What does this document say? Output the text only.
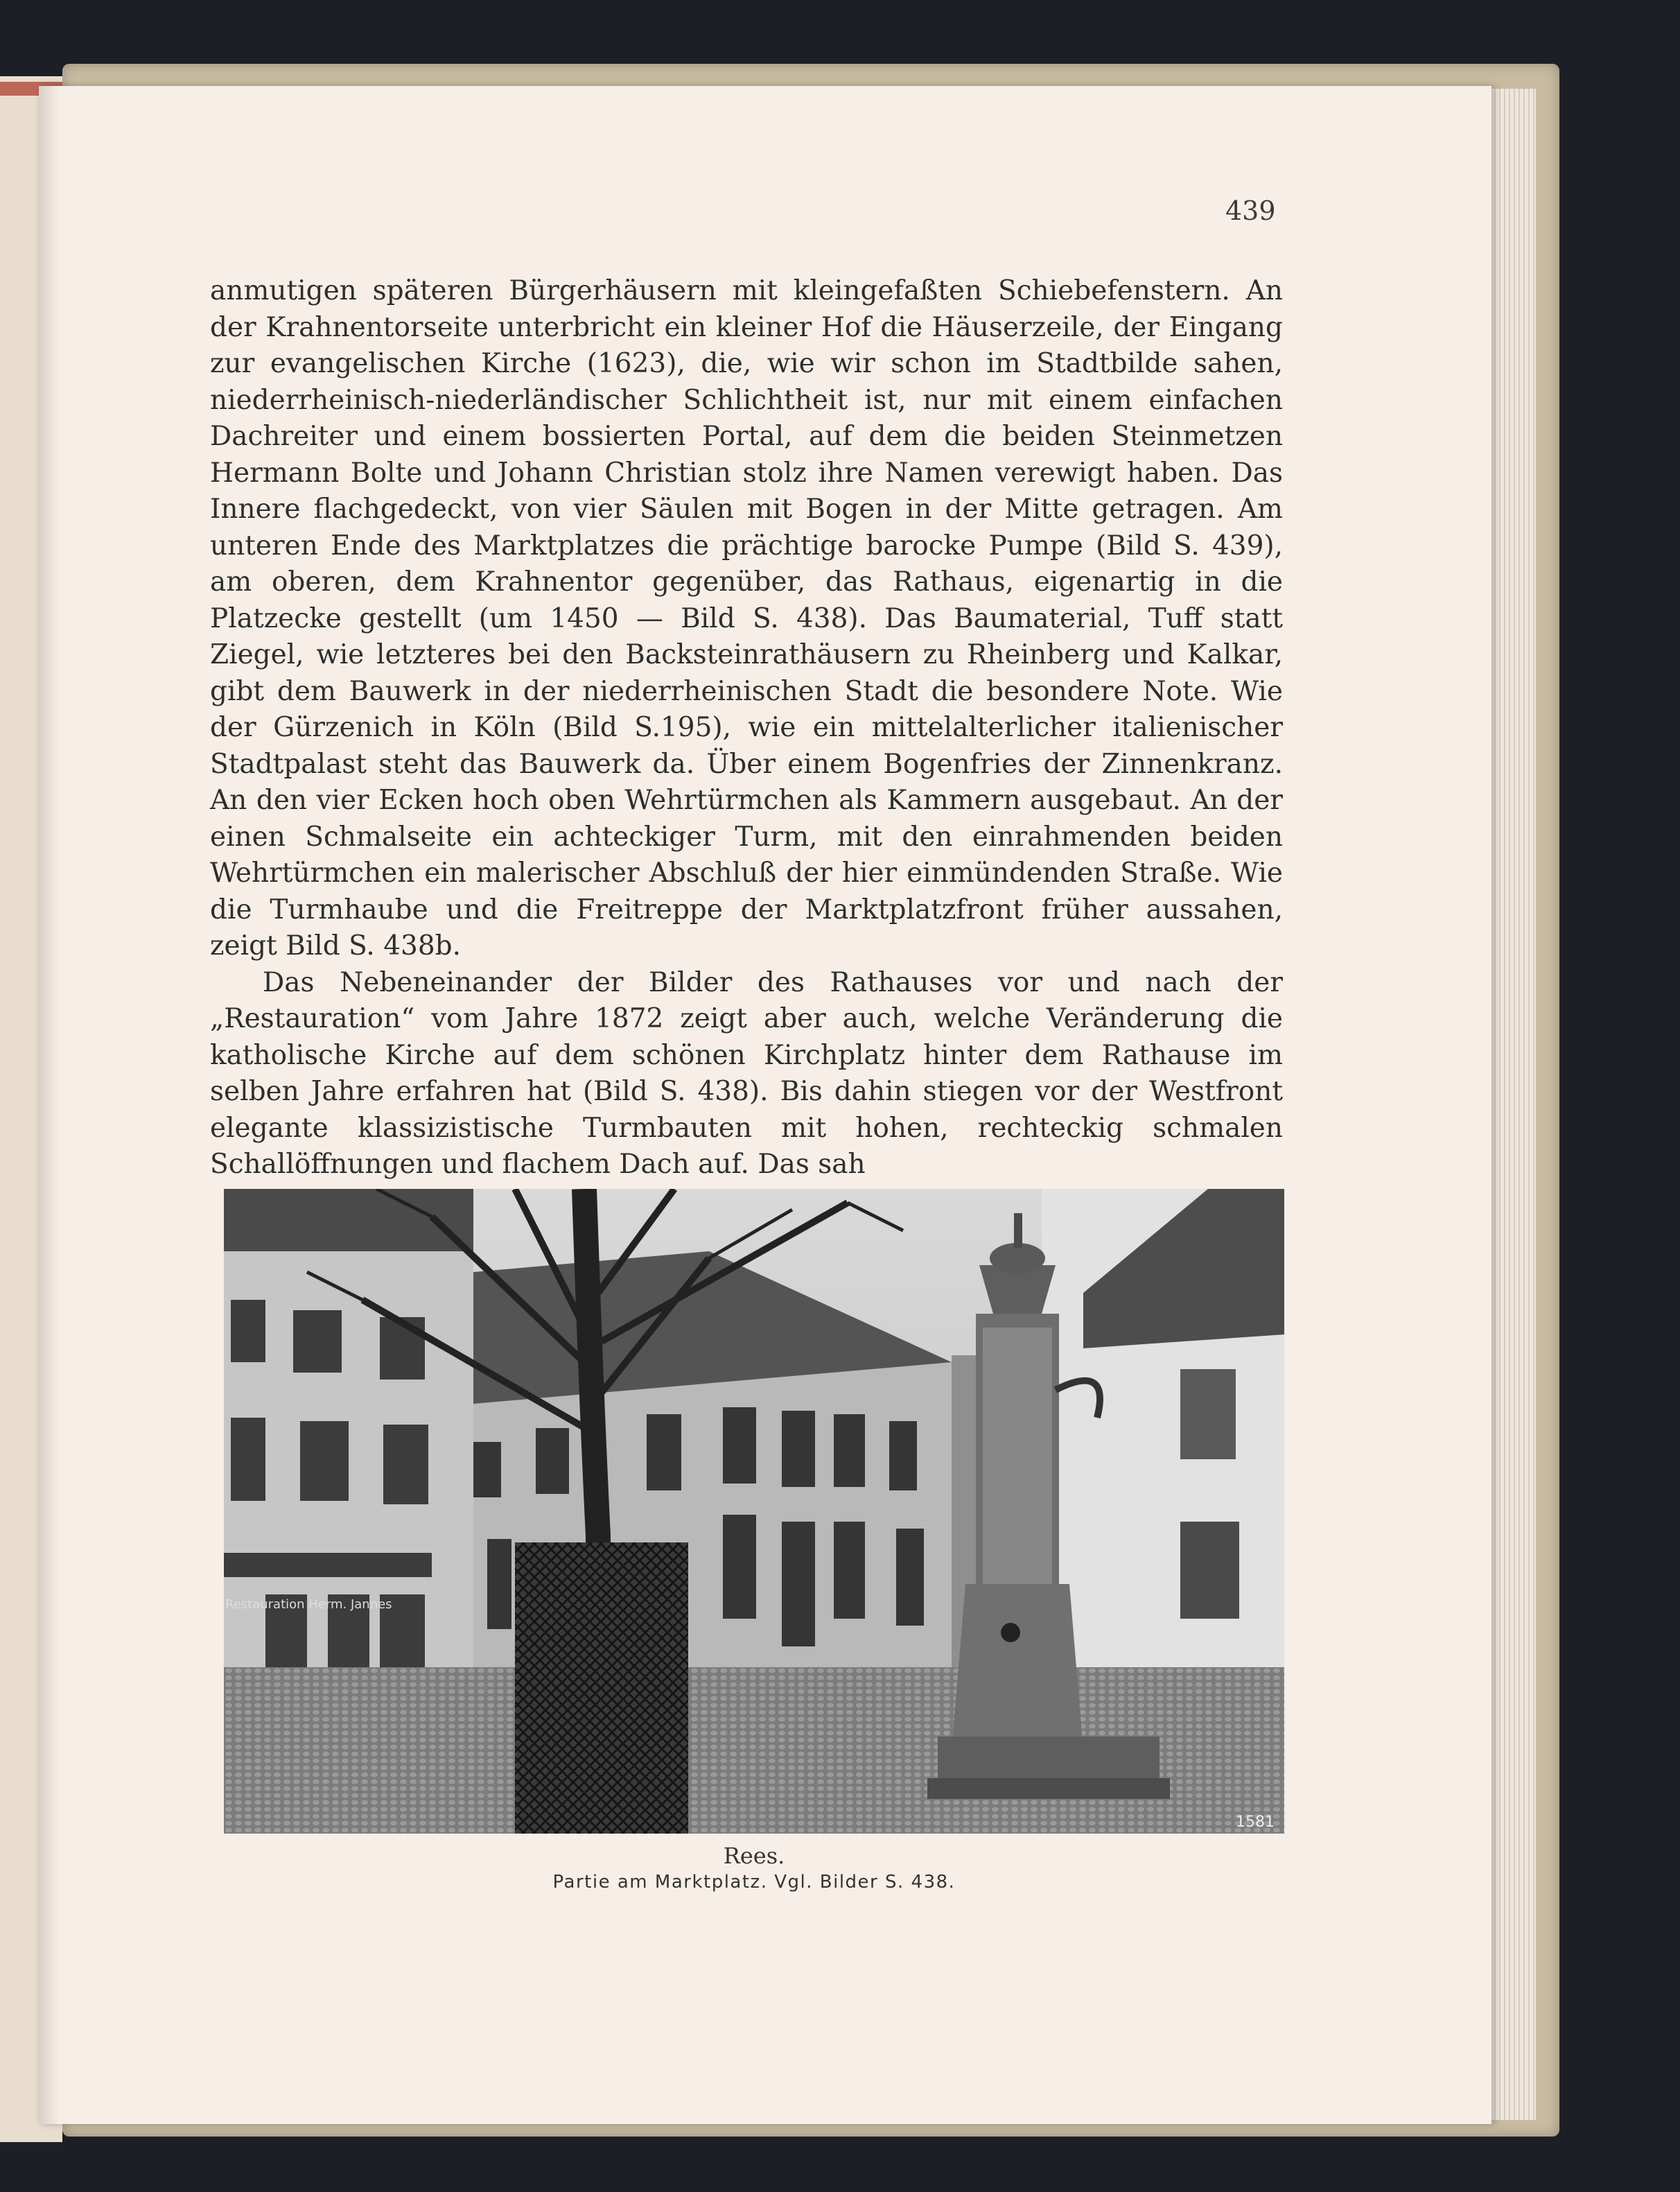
439

anmutigen späteren Bürgerhäusern mit kleingefaßten Schiebefenstern. An der Krahnentorseite unterbricht ein kleiner Hof die Häuserzeile, der Eingang zur evangelischen Kirche (1623), die, wie wir schon im Stadtbilde sahen, niederrheinisch-niederländischer Schlichtheit ist, nur mit einem einfachen Dachreiter und einem bossierten Portal, auf dem die beiden Steinmetzen Hermann Bolte und Johann Christian stolz ihre Namen verewigt haben. Das Innere flachgedeckt, von vier Säulen mit Bogen in der Mitte getragen. Am unteren Ende des Marktplatzes die prächtige barocke Pumpe (Bild S. 439), am oberen, dem Krahnentor gegenüber, das Rathaus, eigenartig in die Platzecke gestellt (um 1450 — Bild S. 438). Das Baumaterial, Tuff statt Ziegel, wie letzteres bei den Backsteinrathäusern zu Rheinberg und Kalkar, gibt dem Bauwerk in der niederrheinischen Stadt die besondere Note. Wie der Gürzenich in Köln (Bild S.195), wie ein mittelalterlicher italienischer Stadtpalast steht das Bauwerk da. Über einem Bogenfries der Zinnenkranz. An den vier Ecken hoch oben Wehrtürmchen als Kammern ausgebaut. An der einen Schmalseite ein achteckiger Turm, mit den einrahmenden beiden Wehrtürmchen ein malerischer Abschluß der hier einmündenden Straße. Wie die Turmhaube und die Freitreppe der Marktplatzfront früher aussahen, zeigt Bild S. 438b.

Das Nebeneinander der Bilder des Rathauses vor und nach der „Restauration“ vom Jahre 1872 zeigt aber auch, welche Veränderung die katholische Kirche auf dem schönen Kirchplatz hinter dem Rathause im selben Jahre erfahren hat (Bild S. 438). Bis dahin stiegen vor der Westfront elegante klassizistische Turmbauten mit hohen, rechteckig schmalen Schallöffnungen und flachem Dach auf. Das sah

Restauration Herm. Jannes
1581
Rees.
Partie am Marktplatz. Vgl. Bilder S. 438.
